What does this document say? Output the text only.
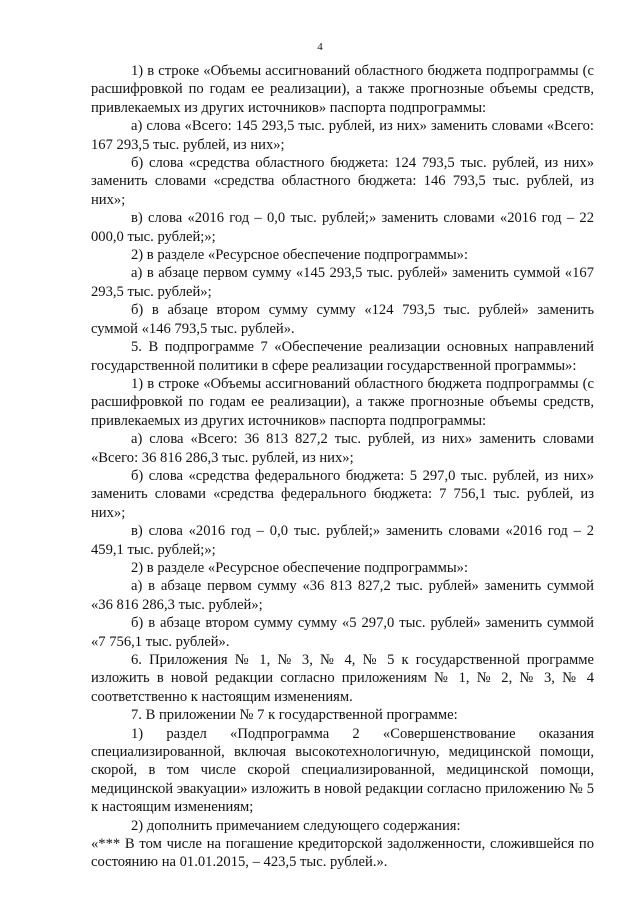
4

1) в строке «Объемы ассигнований областного бюджета подпрограммы (с расшифровкой по годам ее реализации), а также прогнозные объемы средств, привлекаемых из других источников» паспорта подпрограммы:

а) слова «Всего: 145 293,5 тыс. рублей, из них» заменить словами «Всего: 167 293,5 тыс. рублей, из них»;

б) слова «средства областного бюджета: 124 793,5 тыс. рублей, из них» заменить словами «средства областного бюджета: 146 793,5 тыс. рублей, из них»;

в) слова «2016 год – 0,0 тыс. рублей;» заменить словами «2016 год – 22 000,0 тыс. рублей;»;

2) в разделе «Ресурсное обеспечение подпрограммы»:

а) в абзаце первом сумму «145 293,5 тыс. рублей» заменить суммой «167 293,5 тыс. рублей»;

б) в абзаце втором сумму сумму «124 793,5 тыс. рублей» заменить суммой «146 793,5 тыс. рублей».

5. В подпрограмме 7 «Обеспечение реализации основных направлений государственной политики в сфере реализации государственной программы»:

1) в строке «Объемы ассигнований областного бюджета подпрограммы (с расшифровкой по годам ее реализации), а также прогнозные объемы средств, привлекаемых из других источников» паспорта подпрограммы:

а) слова «Всего: 36 813 827,2 тыс. рублей, из них» заменить словами «Всего: 36 816 286,3 тыс. рублей, из них»;

б) слова «средства федерального бюджета: 5 297,0 тыс. рублей, из них» заменить словами «средства федерального бюджета: 7 756,1 тыс. рублей, из них»;

в) слова «2016 год – 0,0 тыс. рублей;» заменить словами «2016 год – 2 459,1 тыс. рублей;»;

2) в разделе «Ресурсное обеспечение подпрограммы»:

а) в абзаце первом сумму «36 813 827,2 тыс. рублей» заменить суммой «36 816 286,3 тыс. рублей»;

б) в абзаце втором сумму сумму «5 297,0 тыс. рублей» заменить суммой «7 756,1 тыс. рублей».

6. Приложения № 1, № 3, № 4, № 5 к государственной программе изложить в новой редакции согласно приложениям № 1, № 2, № 3, № 4 соответственно к настоящим изменениям.

7. В приложении № 7 к государственной программе:

1) раздел «Подпрограмма 2 «Совершенствование оказания специализированной, включая высокотехнологичную, медицинской помощи, скорой, в том числе скорой специализированной, медицинской помощи, медицинской эвакуации» изложить в новой редакции согласно приложению № 5 к настоящим изменениям;

2) дополнить примечанием следующего содержания:

«*** В том числе на погашение кредиторской задолженности, сложившейся по состоянию на 01.01.2015, – 423,5 тыс. рублей.».
